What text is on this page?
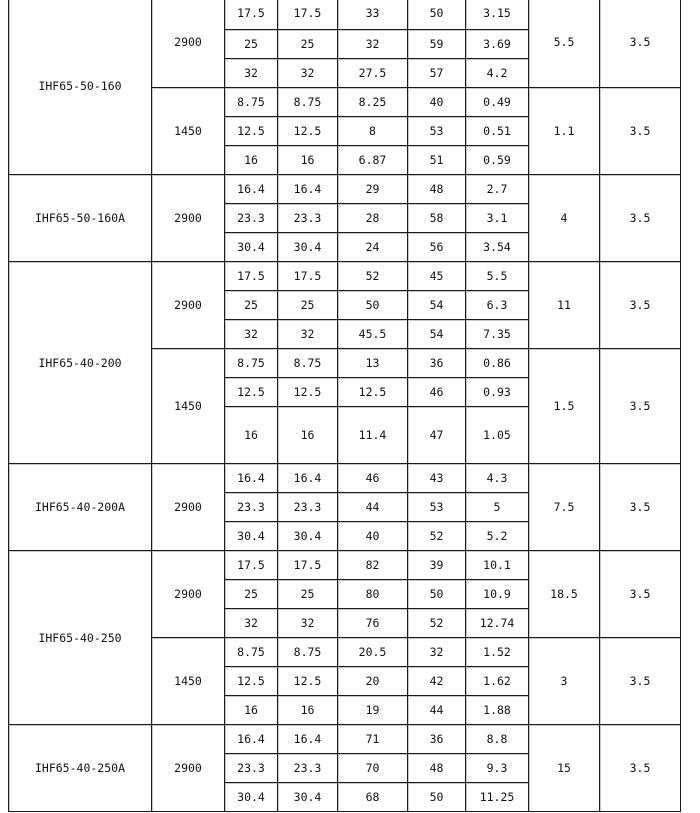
IHF65-50-160	2900	17.5	17.5	33	50	3.15	5.5	3.5
		25	25	32	59	3.69		
		32	32	27.5	57	4.2		
	1450	8.75	8.75	8.25	40	0.49	1.1	3.5
		12.5	12.5	8	53	0.51		
		16	16	6.87	51	0.59		
IHF65-50-160A	2900	16.4	16.4	29	48	2.7	4	3.5
		23.3	23.3	28	58	3.1		
		30.4	30.4	24	56	3.54		
IHF65-40-200	2900	17.5	17.5	52	45	5.5	11	3.5
		25	25	50	54	6.3		
		32	32	45.5	54	7.35		
	1450	8.75	8.75	13	36	0.86	1.5	3.5
		12.5	12.5	12.5	46	0.93		
		16	16	11.4	47	1.05		
IHF65-40-200A	2900	16.4	16.4	46	43	4.3	7.5	3.5
		23.3	23.3	44	53	5		
		30.4	30.4	40	52	5.2		
IHF65-40-250	2900	17.5	17.5	82	39	10.1	18.5	3.5
		25	25	80	50	10.9		
		32	32	76	52	12.74		
	1450	8.75	8.75	20.5	32	1.52	3	3.5
		12.5	12.5	20	42	1.62		
		16	16	19	44	1.88		
IHF65-40-250A	2900	16.4	16.4	71	36	8.8	15	3.5
		23.3	23.3	70	48	9.3		
		30.4	30.4	68	50	11.25		
